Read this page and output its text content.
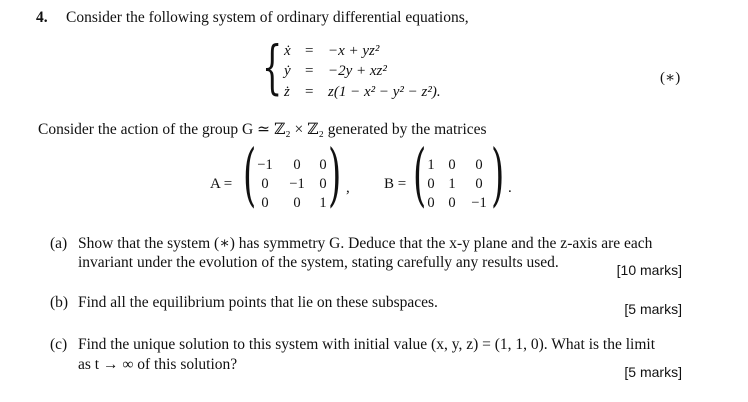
4. Consider the following system of ordinary differential equations,
{ ẋ = −x + yz²
ẏ = −2y + xz²
ż = z(1 − x² − y² − z²).
(∗)
Consider the action of the group G ≃ ℤ₂ × ℤ₂ generated by the matrices
A = ( −1	0	0
0	−1	0
0	0	1 ) , B = ( 1 0	0
0 1	0
0 0	−1 ) .
(a) Show that the system (∗) has symmetry G. Deduce that the x-y plane and the z-axis are each
invariant under the evolution of the system, stating carefully any results used.	[10 marks]
(b) Find all the equilibrium points that lie on these subspaces.	[5 marks]
(c) Find the unique solution to this system with initial value (x, y, z) = (1, 1, 0). What is the limit
as t → ∞ of this solution?	[5 marks]
